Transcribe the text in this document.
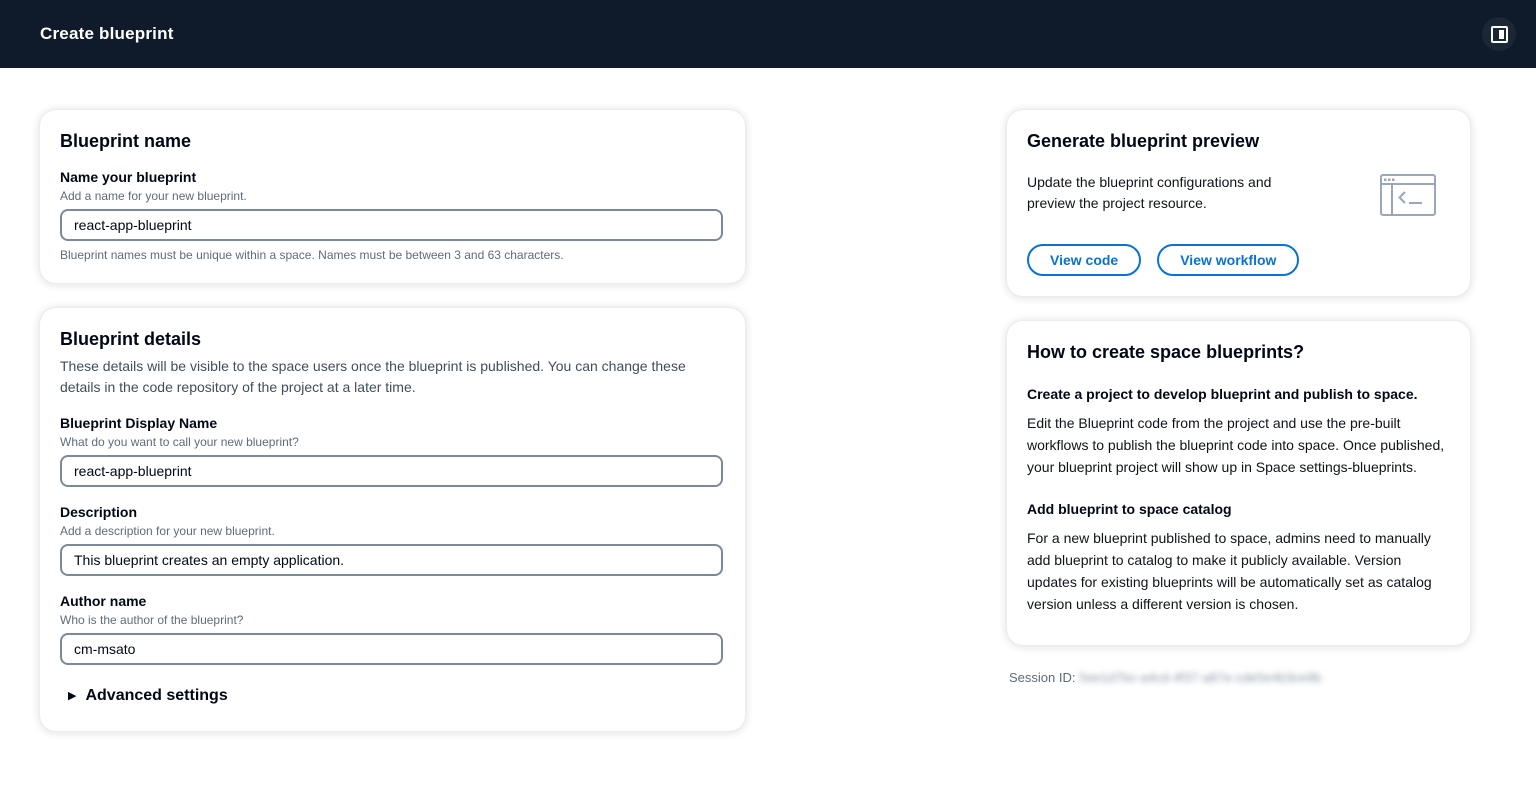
Create blueprint
Blueprint name
Name your blueprint
Add a name for your new blueprint.
react-app-blueprint
Blueprint names must be unique within a space. Names must be between 3 and 63 characters.
Blueprint details

These details will be visible to the space users once the blueprint is published. You can change these details in the code repository of the project at a later time.

Blueprint Display Name
What do you want to call your new blueprint?
react-app-blueprint
Description
Add a description for your new blueprint.
This blueprint creates an empty application.
Author name
Who is the author of the blueprint?
cm-msato
▶ Advanced settings
Generate blueprint preview

Update the blueprint configurations and preview the project resource.

View code	View workflow
How to create space blueprints?
Create a project to develop blueprint and publish to space.

Edit the Blueprint code from the project and use the pre-built workflows to publish the blueprint code into space. Once published, your blueprint project will show up in Space settings-blueprints.

Add blueprint to space catalog

For a new blueprint published to space, admins need to manually add blueprint to catalog to make it publicly available. Version updates for existing blueprints will be automatically set as catalog version unless a different version is chosen.

Session ID: 5ee1d7bc-a4cd-4f37-a87e-cde5e4b3ce9b
